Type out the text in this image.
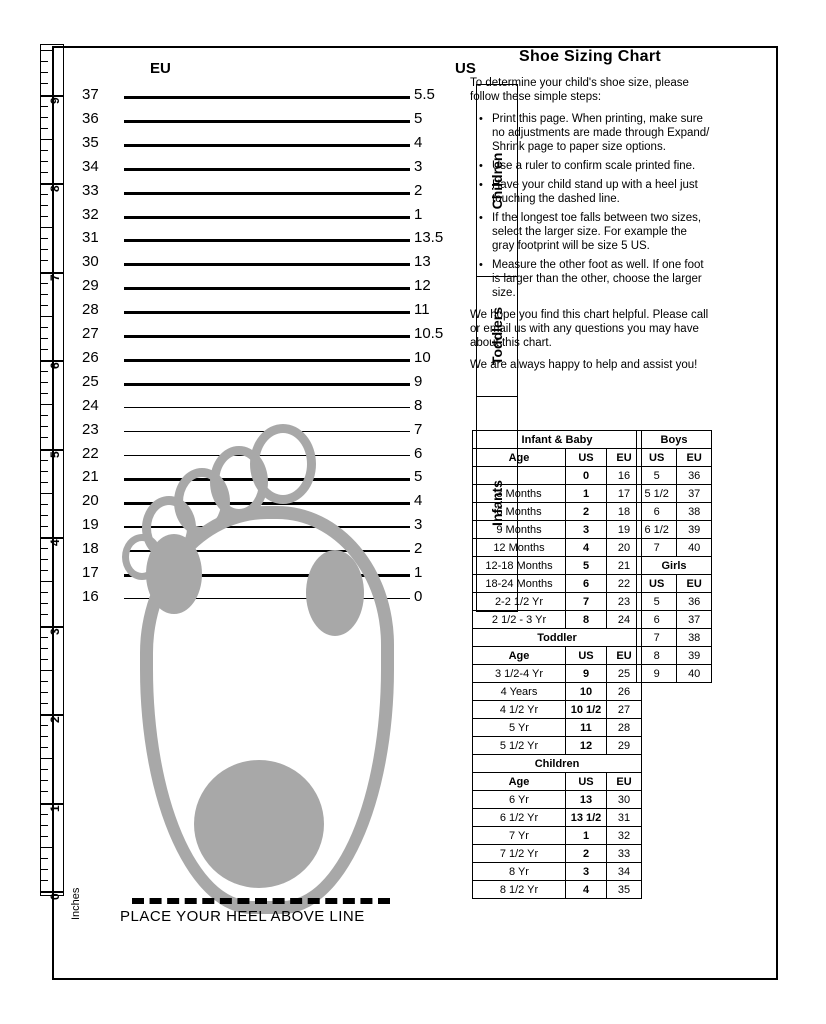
0
1
2
3
4
5
6
7
8
9
Inches
EU	US
Children
Toddlers
Infants
37	5.5
36	5
35	4
34	3
33	2
32	1
31	13.5
30	13
29	12
28	11
27	10.5
26	10
25	9
24	8
23	7
22	6
21	5
20	4
19	3
18	2
17	1
16	0
PLACE YOUR HEEL ABOVE LINE
Shoe Sizing Chart

To determine your child's shoe size, please follow these simple steps:

• Print this page. When printing, make sure no adjustments are made through Expand/ Shrink page to paper size options.
• Use a ruler to confirm scale printed fine.
• Have your child stand up with a heel just touching the dashed line.
• If the longest toe falls between two sizes, select the larger size. For example the gray footprint will be size 5 US.
• Measure the other foot as well. If one foot is larger than the other, choose the larger size.

We hope you find this chart helpful. Please call or email us with any questions you may have about this chart.

We are always happy to help and assist you!

Infant & Baby		
Age	US	EU
	0	16
3 Months	1	17
6 Months	2	18
9 Months	3	19
12 Months	4	20
12-18 Months	5	21
18-24 Months	6	22
2-2 1/2 Yr	7	23
2 1/2 - 3 Yr	8	24
Toddler		
Age	US	EU
3 1/2-4 Yr	9	25
4 Years	10	26
4 1/2 Yr	10 1/2	27
5 Yr	11	28
5 1/2 Yr	12	29
Children		
Age	US	EU
6 Yr	13	30
6 1/2 Yr	13 1/2	31
7 Yr	1	32
7 1/2 Yr	2	33
8 Yr	3	34
8 1/2 Yr	4	35
Boys	
US	EU
5	36
5 1/2	37
6	38
6 1/2	39
7	40
Girls	
US	EU
5	36
6	37
7	38
8	39
9	40
